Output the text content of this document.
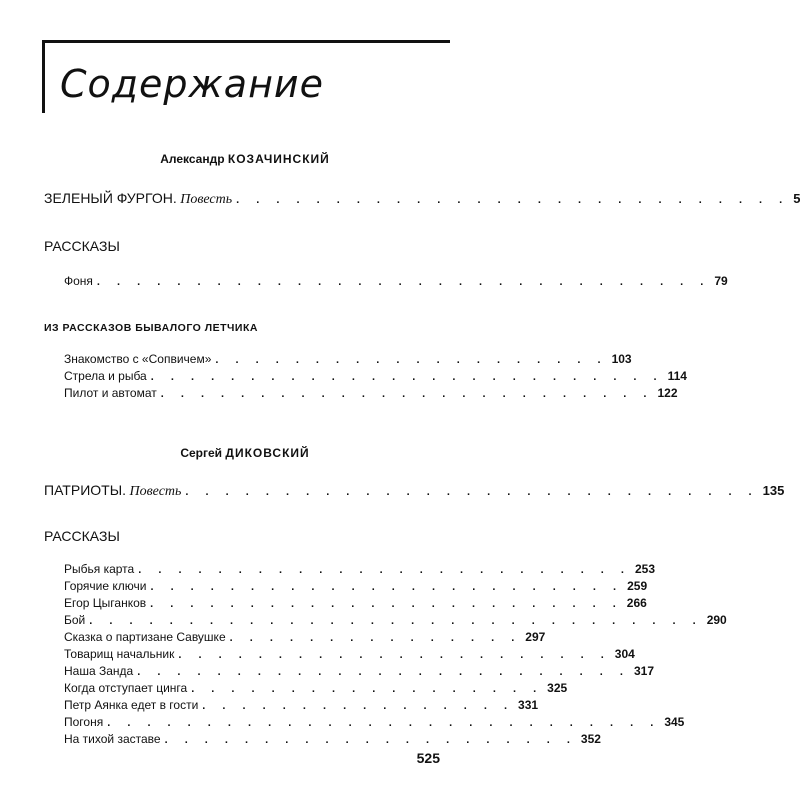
Содержание
Александр КОЗАЧИНСКИЙ
ЗЕЛЕНЫЙ ФУРГОН.
Повесть . . . . . . . . . . . . . . . . . . . . . . . . . . . . 5
РАССКАЗЫ
Фоня . . . . . . . . . . . . . . . . . . . . . . . . . . . . . . . 79
ИЗ РАССКАЗОВ БЫВАЛОГО ЛЕТЧИКА
Знакомство с «Сопвичем» . . . . . . . . . . . . . . . . . . . . 103
Стрела и рыба . . . . . . . . . . . . . . . . . . . . . . . . . . 114
Пилот и автомат . . . . . . . . . . . . . . . . . . . . . . . . . 122
Сергей ДИКОВСКИЙ
ПАТРИОТЫ.
Повесть . . . . . . . . . . . . . . . . . . . . . . . . . . . . . 135
РАССКАЗЫ
Рыбья карта . . . . . . . . . . . . . . . . . . . . . . . . . 253
Горячие ключи . . . . . . . . . . . . . . . . . . . . . . . . 259
Егор Цыганков . . . . . . . . . . . . . . . . . . . . . . . . 266
Бой . . . . . . . . . . . . . . . . . . . . . . . . . . . . . . . 290
Сказка о партизане Савушке . . . . . . . . . . . . . . . 297
Товарищ начальник . . . . . . . . . . . . . . . . . . . . . . 304
Наша Занда . . . . . . . . . . . . . . . . . . . . . . . . . 317
Когда отступает цинга . . . . . . . . . . . . . . . . . . 325
Петр Аянка едет в гости . . . . . . . . . . . . . . . . 331
Погоня . . . . . . . . . . . . . . . . . . . . . . . . . . . . 345
На тихой заставе . . . . . . . . . . . . . . . . . . . . . 352
525
